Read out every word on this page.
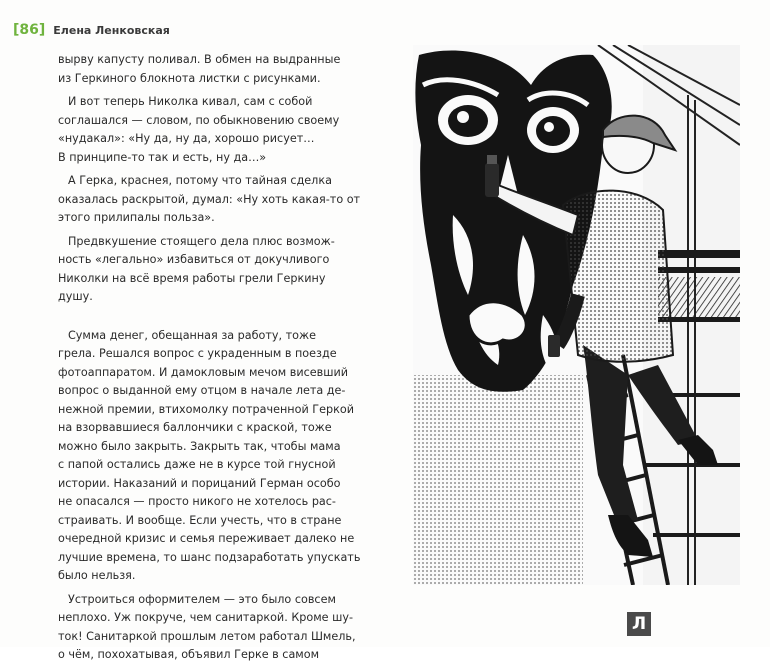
[86] Елена Ленковская

вырву капусту поливал. В обмен на выдранные
из Геркиного блокнота листки с рисунками.

И вот теперь Николка кивал, сам с собой
соглашался — словом, по обыкновению своему
«нудакал»: «Ну да, ну да, хорошо рисует…
В принципе-то так и есть, ну да…»

А Герка, краснея, потому что тайная сделка
оказалась раскрытой, думал: «Ну хоть какая-то от
этого прилипалы польза».

Предвкушение стоящего дела плюс возмож-
ность «легально» избавиться от докучливого
Николки на всё время работы грели Геркину
душу.

Сумма денег, обещанная за работу, тоже
грела. Решался вопрос с украденным в поезде
фотоаппаратом. И дамокловым мечом висевший
вопрос о выданной ему отцом в начале лета де-
нежной премии, втихомолку потраченной Геркой
на взорвавшиеся баллончики с краской, тоже
можно было закрыть. Закрыть так, чтобы мама
с папой остались даже не в курсе той гнусной
истории. Наказаний и порицаний Герман особо
не опасался — просто никого не хотелось рас-
страивать. И вообще. Если учесть, что в стране
очередной кризис и семья переживает далеко не
лучшие времена, то шанс подзаработать упускать
было нельзя.

Устроиться оформителем — это было совсем
неплохо. Уж покруче, чем санитаркой. Кроме шу-
ток! Санитаркой прошлым летом работал Шмель,
о чём, похохатывая, объявил Герке в самом

Л
